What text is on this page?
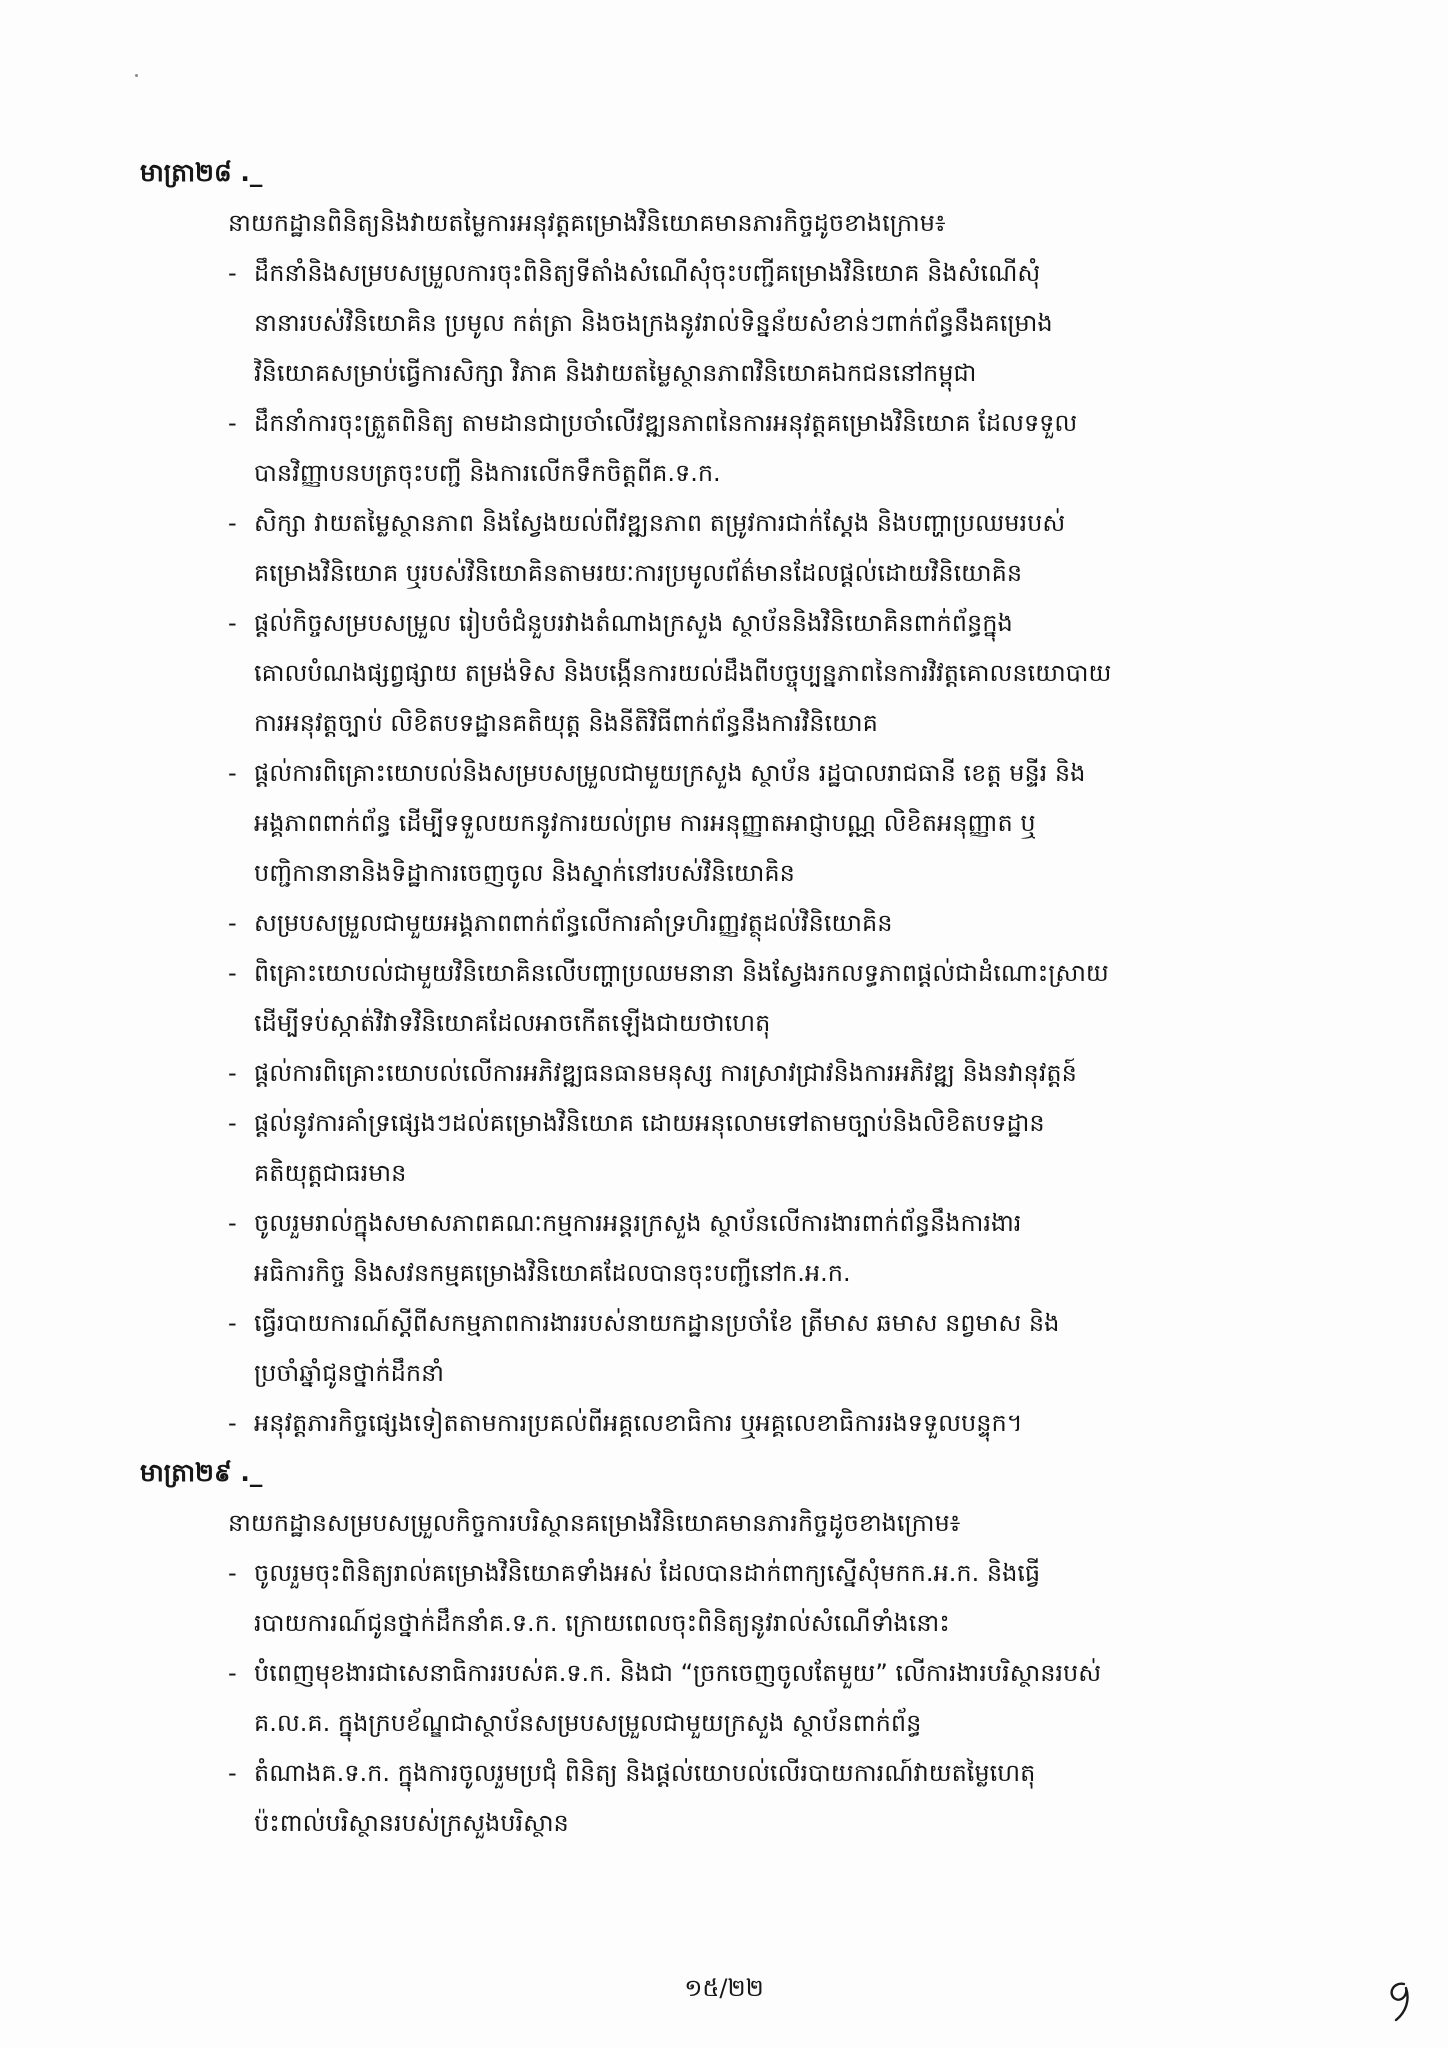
មាត្រា២៨ ._
នាយកដ្ឋានពិនិត្យនិងវាយតម្លៃការអនុវត្តគម្រោងវិនិយោគមានភារកិច្ចដូចខាងក្រោម៖
- ដឹកនាំនិងសម្របសម្រួលការចុះពិនិត្យទីតាំងសំណើសុំចុះបញ្ជីគម្រោងវិនិយោគ និងសំណើសុំ
នានារបស់វិនិយោគិន ប្រមូល កត់ត្រា និងចងក្រងនូវរាល់ទិន្នន័យសំខាន់ៗពាក់ព័ន្ធនឹងគម្រោង
វិនិយោគសម្រាប់ធ្វើការសិក្សា វិភាគ និងវាយតម្លៃស្ថានភាពវិនិយោគឯកជននៅកម្ពុជា
- ដឹកនាំការចុះត្រួតពិនិត្យ តាមដានជាប្រចាំលើវឌ្ឍនភាពនៃការអនុវត្តគម្រោងវិនិយោគ ដែលទទួល
បានវិញ្ញាបនបត្រចុះបញ្ជី និងការលើកទឹកចិត្តពីគ.ទ.ក.
- សិក្សា វាយតម្លៃស្ថានភាព និងស្វែងយល់ពីវឌ្ឍនភាព តម្រូវការជាក់ស្តែង និងបញ្ហាប្រឈមរបស់
គម្រោងវិនិយោគ ឬរបស់វិនិយោគិនតាមរយៈការប្រមូលព័ត៌មានដែលផ្តល់ដោយវិនិយោគិន
- ផ្តល់កិច្ចសម្របសម្រួល រៀបចំជំនួបរវាងតំណាងក្រសួង ស្ថាប័ននិងវិនិយោគិនពាក់ព័ន្ធក្នុង
គោលបំណងផ្សព្វផ្សាយ តម្រង់ទិស និងបង្កើនការយល់ដឹងពីបច្ចុប្បន្នភាពនៃការវិវត្តគោលនយោបាយ
ការអនុវត្តច្បាប់ លិខិតបទដ្ឋានគតិយុត្ត និងនីតិវិធីពាក់ព័ន្ធនឹងការវិនិយោគ
- ផ្តល់ការពិគ្រោះយោបល់និងសម្របសម្រួលជាមួយក្រសួង ស្ថាប័ន រដ្ឋបាលរាជធានី ខេត្ត មន្ទីរ និង
អង្គភាពពាក់ព័ន្ធ ដើម្បីទទួលយកនូវការយល់ព្រម ការអនុញ្ញាតអាជ្ញាបណ្ណ លិខិតអនុញ្ញាត ឬ
បញ្ជិកានានានិងទិដ្ឋាការចេញចូល និងស្នាក់នៅរបស់វិនិយោគិន
- សម្របសម្រួលជាមួយអង្គភាពពាក់ព័ន្ធលើការគាំទ្រហិរញ្ញវត្ថុដល់វិនិយោគិន
- ពិគ្រោះយោបល់ជាមួយវិនិយោគិនលើបញ្ហាប្រឈមនានា និងស្វែងរកលទ្ធភាពផ្តល់ជាដំណោះស្រាយ
ដើម្បីទប់ស្កាត់វិវាទវិនិយោគដែលអាចកើតឡើងជាយថាហេតុ
- ផ្តល់ការពិគ្រោះយោបល់លើការអភិវឌ្ឍធនធានមនុស្ស ការស្រាវជ្រាវនិងការអភិវឌ្ឍ និងនវានុវត្តន៍
- ផ្តល់នូវការគាំទ្រផ្សេងៗដល់គម្រោងវិនិយោគ ដោយអនុលោមទៅតាមច្បាប់និងលិខិតបទដ្ឋាន
គតិយុត្តជាធរមាន
- ចូលរួមរាល់ក្នុងសមាសភាពគណៈកម្មការអន្តរក្រសួង ស្ថាប័នលើការងារពាក់ព័ន្ធនឹងការងារ
អធិការកិច្ច និងសវនកម្មគម្រោងវិនិយោគដែលបានចុះបញ្ជីនៅក.អ.ក.
- ធ្វើរបាយការណ៍ស្តីពីសកម្មភាពការងាររបស់នាយកដ្ឋានប្រចាំខែ ត្រីមាស ឆមាស នព្វមាស និង
ប្រចាំឆ្នាំជូនថ្នាក់ដឹកនាំ
- អនុវត្តភារកិច្ចផ្សេងទៀតតាមការប្រគល់ពីអគ្គលេខាធិការ ឬអគ្គលេខាធិការរងទទួលបន្ទុក។
មាត្រា២៩ ._
នាយកដ្ឋានសម្របសម្រួលកិច្ចការបរិស្ថានគម្រោងវិនិយោគមានភារកិច្ចដូចខាងក្រោម៖
- ចូលរួមចុះពិនិត្យរាល់គម្រោងវិនិយោគទាំងអស់ ដែលបានដាក់ពាក្យស្នើសុំមកក.អ.ក. និងធ្វើ
របាយការណ៍ជូនថ្នាក់ដឹកនាំគ.ទ.ក. ក្រោយពេលចុះពិនិត្យនូវរាល់សំណើទាំងនោះ
- បំពេញមុខងារជាសេនាធិការរបស់គ.ទ.ក. និងជា “ច្រកចេញចូលតែមួយ” លើការងារបរិស្ថានរបស់
គ.ល.គ. ក្នុងក្របខ័ណ្ឌជាស្ថាប័នសម្របសម្រួលជាមួយក្រសួង ស្ថាប័នពាក់ព័ន្ធ
- តំណាងគ.ទ.ក. ក្នុងការចូលរួមប្រជុំ ពិនិត្យ និងផ្តល់យោបល់លើរបាយការណ៍វាយតម្លៃហេតុ
ប៉ះពាល់បរិស្ថានរបស់ក្រសួងបរិស្ថាន
១៥/២២
